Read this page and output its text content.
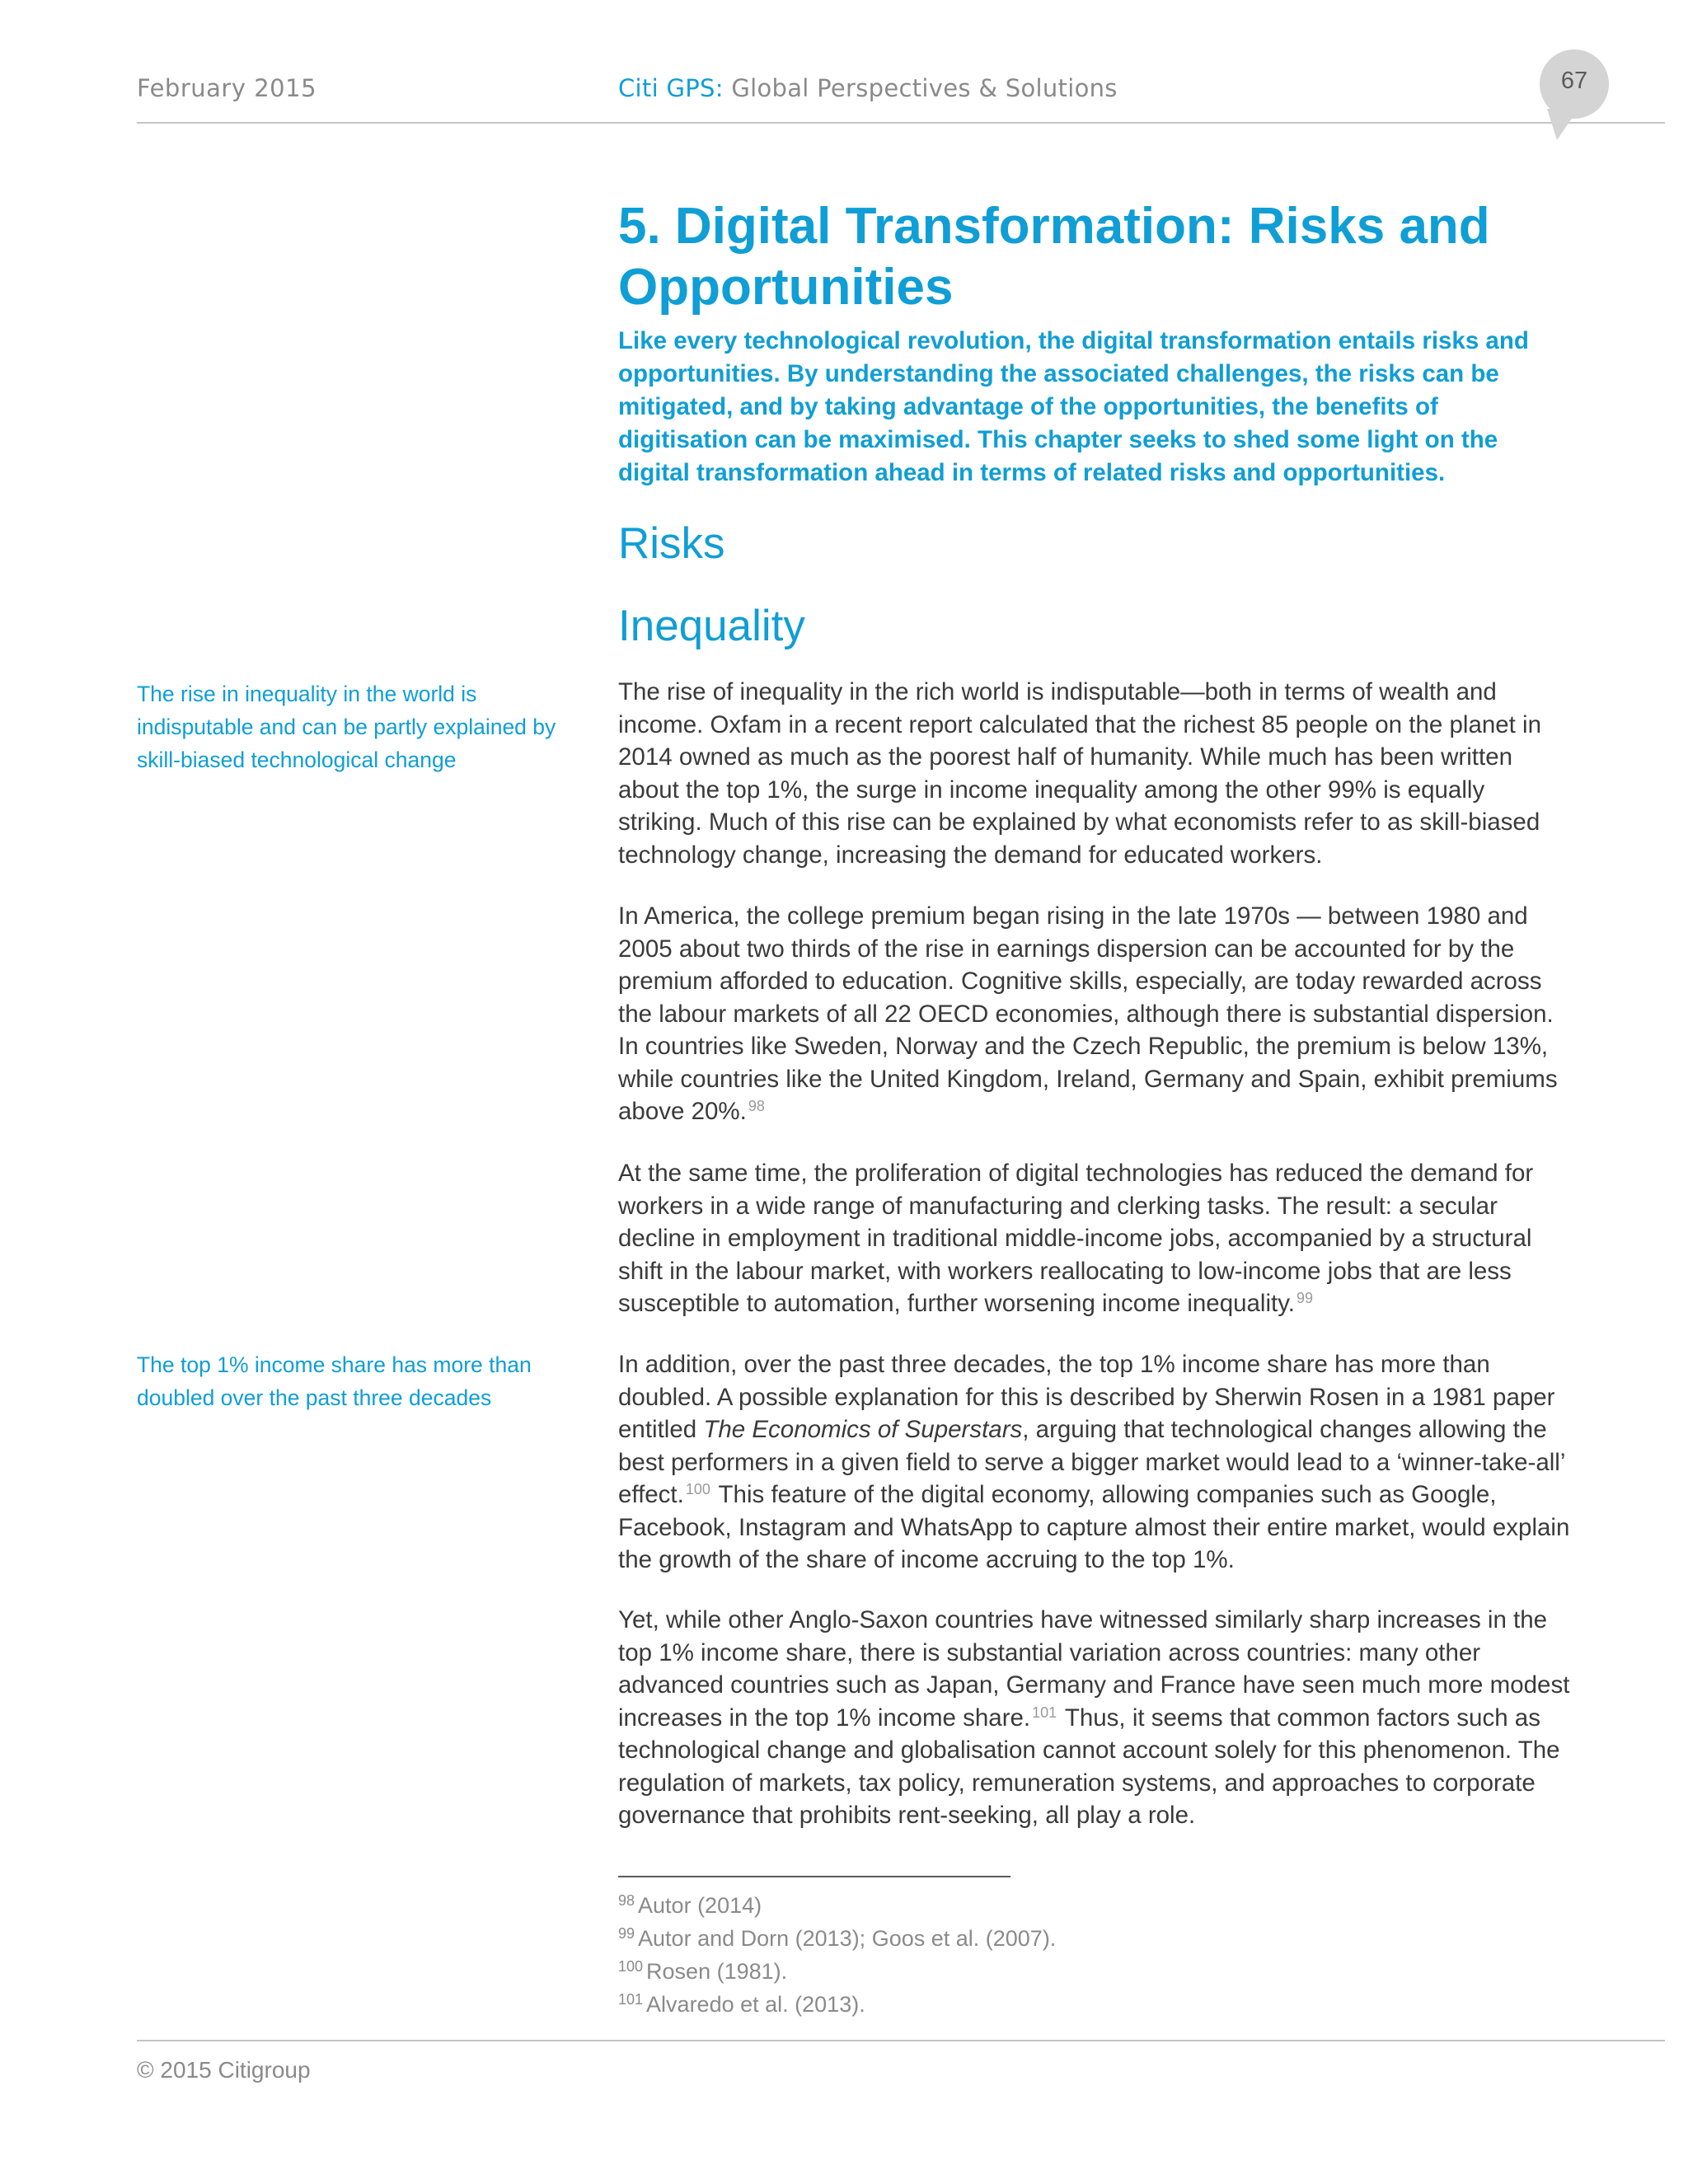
February 2015	Citi GPS: Global Perspectives & Solutions	67
5. Digital Transformation: Risks and Opportunities
Like every technological revolution, the digital transformation entails risks and opportunities. By understanding the associated challenges, the risks can be mitigated, and by taking advantage of the opportunities, the benefits of digitisation can be maximised. This chapter seeks to shed some light on the digital transformation ahead in terms of related risks and opportunities.
Risks
Inequality
The rise in inequality in the world is indisputable and can be partly explained by skill-biased technological change
The top 1% income share has more than doubled over the past three decades
The rise of inequality in the rich world is indisputable—both in terms of wealth and income. Oxfam in a recent report calculated that the richest 85 people on the planet in 2014 owned as much as the poorest half of humanity. While much has been written about the top 1%, the surge in income inequality among the other 99% is equally striking. Much of this rise can be explained by what economists refer to as skill-biased technology change, increasing the demand for educated workers.
In America, the college premium began rising in the late 1970s — between 1980 and 2005 about two thirds of the rise in earnings dispersion can be accounted for by the premium afforded to education. Cognitive skills, especially, are today rewarded across the labour markets of all 22 OECD economies, although there is substantial dispersion. In countries like Sweden, Norway and the Czech Republic, the premium is below 13%, while countries like the United Kingdom, Ireland, Germany and Spain, exhibit premiums above 20%. $^{98}$
At the same time, the proliferation of digital technologies has reduced the demand for workers in a wide range of manufacturing and clerking tasks. The result: a secular decline in employment in traditional middle-income jobs, accompanied by a structural shift in the labour market, with workers reallocating to low-income jobs that are less susceptible to automation, further worsening income inequality. $^{99}$
In addition, over the past three decades, the top 1% income share has more than doubled. A possible explanation for this is described by Sherwin Rosen in a 1981 paper entitled The Economics of Superstars, arguing that technological changes allowing the best performers in a given field to serve a bigger market would lead to a ‘winner-take-all’ effect. $^{100}$ This feature of the digital economy, allowing companies such as Google, Facebook, Instagram and WhatsApp to capture almost their entire market, would explain the growth of the share of income accruing to the top 1%.
Yet, while other Anglo-Saxon countries have witnessed similarly sharp increases in the top 1% income share, there is substantial variation across countries: many other advanced countries such as Japan, Germany and France have seen much more modest increases in the top 1% income share. $^{101}$ Thus, it seems that common factors such as technological change and globalisation cannot account solely for this phenomenon. The regulation of markets, tax policy, remuneration systems, and approaches to corporate governance that prohibits rent-seeking, all play a role.
$^{98}$ Autor (2014)
$^{99}$ Autor and Dorn (2013); Goos et al. (2007).
$^{100}$ Rosen (1981).
$^{101}$ Alvaredo et al. (2013).
© 2015 Citigroup
